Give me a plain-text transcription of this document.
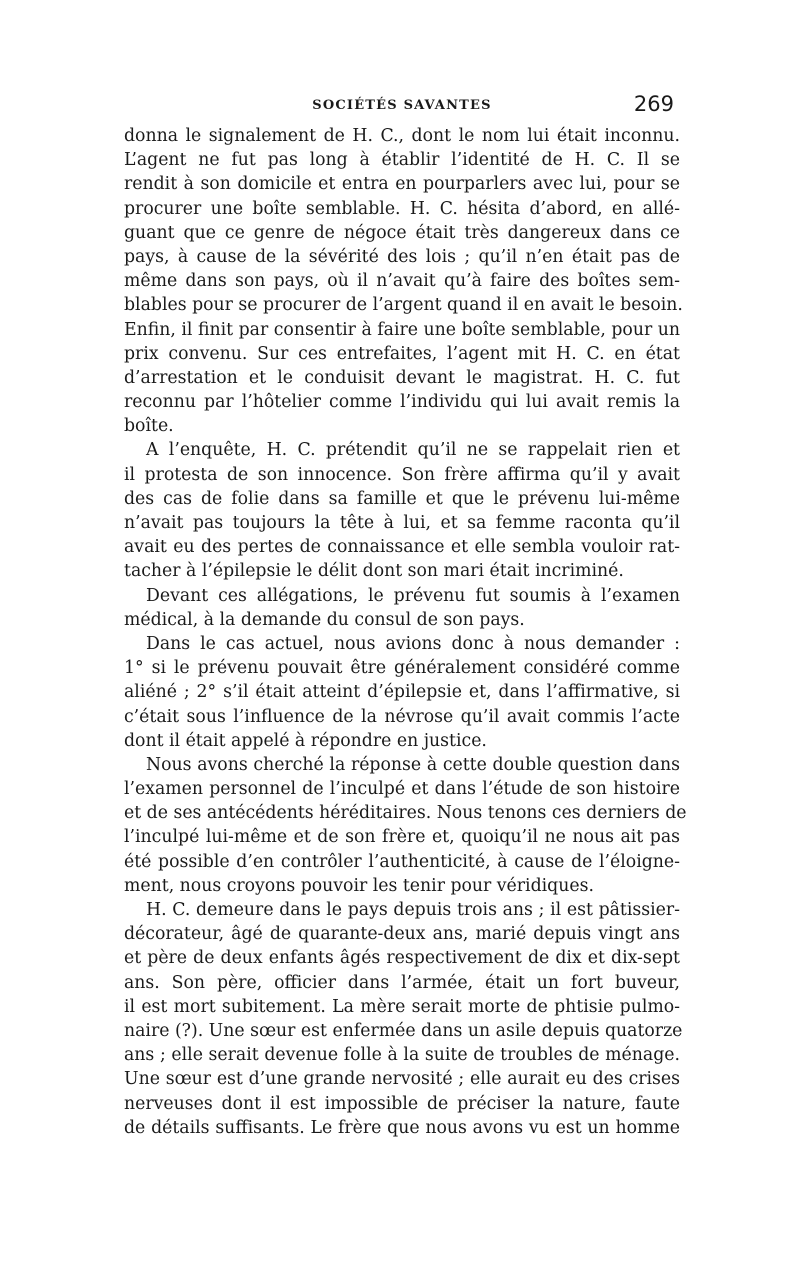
SOCIÉTÉS SAVANTES	269
donna le signalement de H. C., dont le nom lui était inconnu.
L’agent ne fut pas long à établir l’identité de H. C. Il se
rendit à son domicile et entra en pourparlers avec lui, pour se
procurer une boîte semblable. H. C. hésita d’abord, en allé-
guant que ce genre de négoce était très dangereux dans ce
pays, à cause de la sévérité des lois ; qu’il n’en était pas de
même dans son pays, où il n’avait qu’à faire des boîtes sem-
blables pour se procurer de l’argent quand il en avait le besoin.
Enfin, il finit par consentir à faire une boîte semblable, pour un
prix convenu. Sur ces entrefaites, l’agent mit H. C. en état
d’arrestation et le conduisit devant le magistrat. H. C. fut
reconnu par l’hôtelier comme l’individu qui lui avait remis la
boîte.
A l’enquête, H. C. prétendit qu’il ne se rappelait rien et
il protesta de son innocence. Son frère affirma qu’il y avait
des cas de folie dans sa famille et que le prévenu lui-même
n’avait pas toujours la tête à lui, et sa femme raconta qu’il
avait eu des pertes de connaissance et elle sembla vouloir rat-
tacher à l’épilepsie le délit dont son mari était incriminé.
Devant ces allégations, le prévenu fut soumis à l’examen
médical, à la demande du consul de son pays.
Dans le cas actuel, nous avions donc à nous demander :
1° si le prévenu pouvait être généralement considéré comme
aliéné ; 2° s’il était atteint d’épilepsie et, dans l’affirmative, si
c’était sous l’influence de la névrose qu’il avait commis l’acte
dont il était appelé à répondre en justice.
Nous avons cherché la réponse à cette double question dans
l’examen personnel de l’inculpé et dans l’étude de son histoire
et de ses antécédents héréditaires. Nous tenons ces derniers de
l’inculpé lui-même et de son frère et, quoiqu’il ne nous ait pas
été possible d’en contrôler l’authenticité, à cause de l’éloigne-
ment, nous croyons pouvoir les tenir pour véridiques.
H. C. demeure dans le pays depuis trois ans ; il est pâtissier-
décorateur, âgé de quarante-deux ans, marié depuis vingt ans
et père de deux enfants âgés respectivement de dix et dix-sept
ans. Son père, officier dans l’armée, était un fort buveur,
il est mort subitement. La mère serait morte de phtisie pulmo-
naire (?). Une sœur est enfermée dans un asile depuis quatorze
ans ; elle serait devenue folle à la suite de troubles de ménage.
Une sœur est d’une grande nervosité ; elle aurait eu des crises
nerveuses dont il est impossible de préciser la nature, faute
de détails suffisants. Le frère que nous avons vu est un homme
